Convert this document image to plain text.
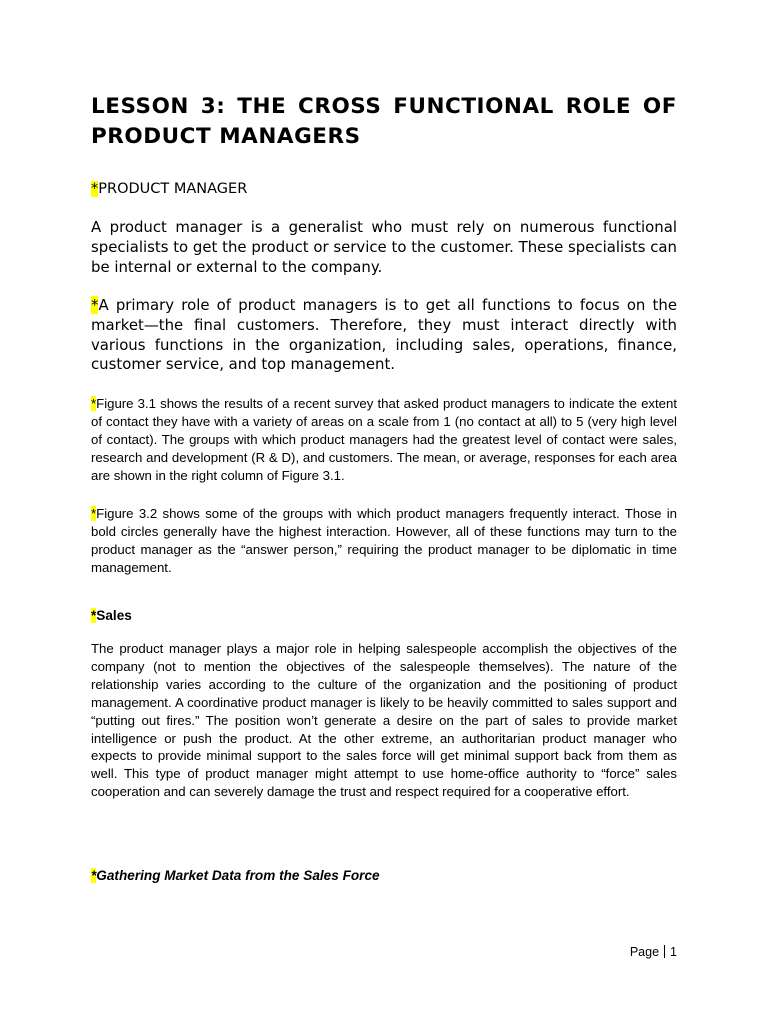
LESSON 3: THE CROSS FUNCTIONAL ROLE OF PRODUCT MANAGERS

*PRODUCT MANAGER

A product manager is a generalist who must rely on numerous functional specialists to get the product or service to the customer. These specialists can be internal or external to the company.

*A primary role of product managers is to get all functions to focus on the market—the final customers. Therefore, they must interact directly with various functions in the organization, including sales, operations, finance, customer service, and top management.

*Figure 3.1 shows the results of a recent survey that asked product managers to indicate the extent of contact they have with a variety of areas on a scale from 1 (no contact at all) to 5 (very high level of contact). The groups with which product managers had the greatest level of contact were sales, research and development (R & D), and customers. The mean, or average, responses for each area are shown in the right column of Figure 3.1.

*Figure 3.2 shows some of the groups with which product managers frequently interact. Those in bold circles generally have the highest interaction. However, all of these functions may turn to the product manager as the “answer person,” requiring the product manager to be diplomatic in time management.

*Sales

The product manager plays a major role in helping salespeople accomplish the objectives of the company (not to mention the objectives of the salespeople themselves). The nature of the relationship varies according to the culture of the organization and the positioning of product management. A coordinative product manager is likely to be heavily committed to sales support and “putting out fires.” The position won’t generate a desire on the part of sales to provide market intelligence or push the product. At the other extreme, an authoritarian product manager who expects to provide minimal support to the sales force will get minimal support back from them as well. This type of product manager might attempt to use home-office authority to “force” sales cooperation and can severely damage the trust and respect required for a cooperative effort.

*Gathering Market Data from the Sales Force

Page 1
